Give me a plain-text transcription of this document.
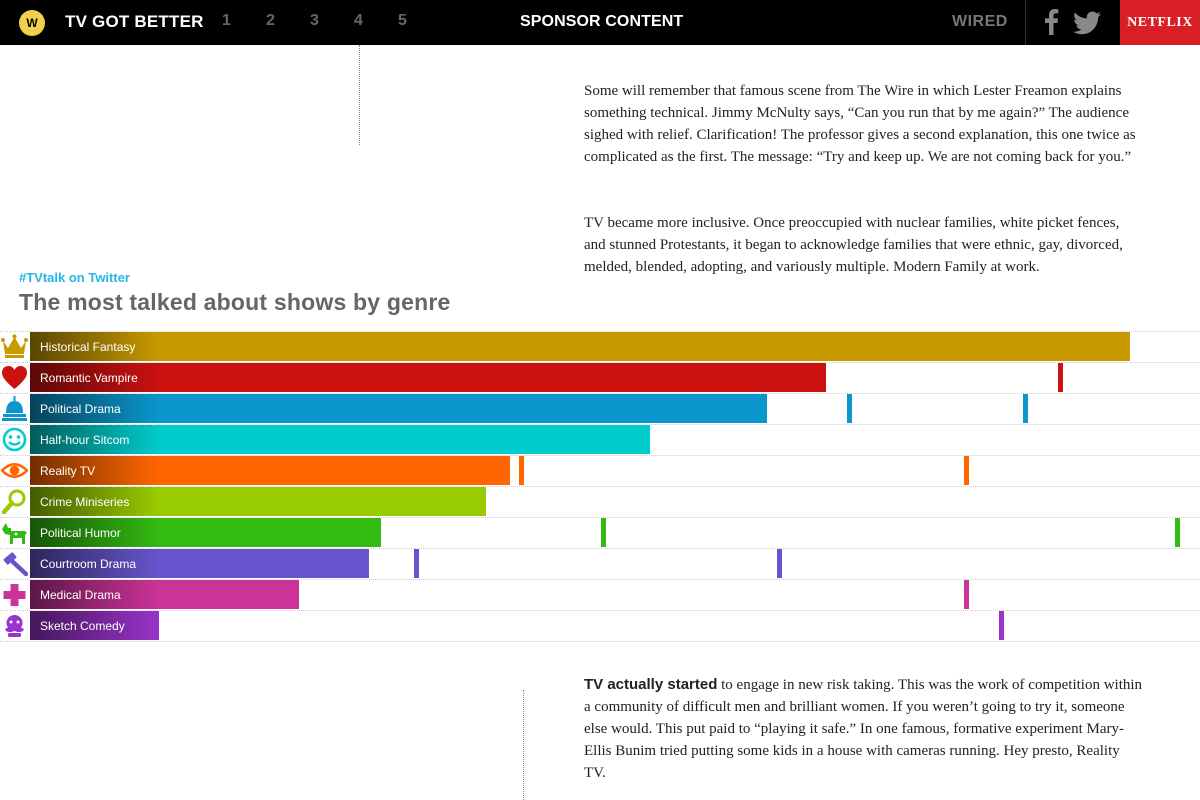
W	TV GOT BETTER 1	2	3	4	5	SPONSOR CONTENT	WIRED	NETFLIX

Some will remember that famous scene from The Wire in which Lester Freamon explains something technical. Jimmy McNulty says, “Can you run that by me again?” The audience sighed with relief. Clarification! The professor gives a second explanation, this one twice as complicated as the first. The message: “Try and keep up. We are not coming back for you.”

TV became more inclusive. Once preoccupied with nuclear families, white picket fences, and stunned Protestants, it began to acknowledge families that were ethnic, gay, divorced, melded, blended, adopting, and variously multiple. Modern Family at work.

TV actually started to engage in new risk taking. This was the work of competition within a community of difficult men and brilliant women. If you weren’t going to try it, someone else would. This put paid to “playing it safe.” In one famous, formative experiment Mary-Ellis Bunim tried putting some kids in a house with cameras running. Hey presto, Reality TV.

#TVtalk on Twitter
The most talked about shows by genre
Historical Fantasy
Romantic Vampire
Political Drama
Half-hour Sitcom
Reality TV
Crime Miniseries
Political Humor
Courtroom Drama
Medical Drama
Sketch Comedy
